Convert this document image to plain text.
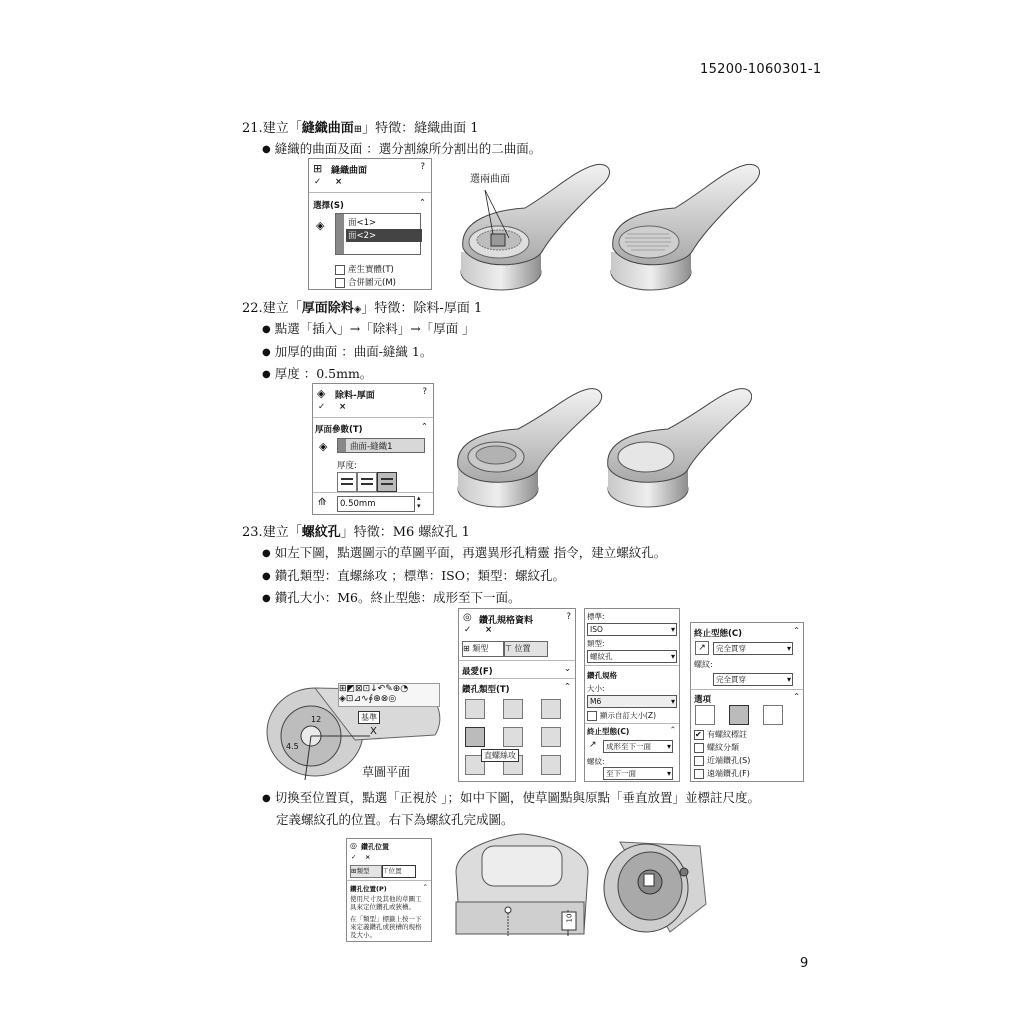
15200-1060301-1
9
21.建立「縫織曲面⊞」特徵：縫織曲面 1
● 縫織的曲面及面 ：選分割線所分割出的二曲面。
⊞ 縫織曲面	?
✓ ×
選擇(S)	⌃
◈	面<1>
面<2>
產生實體(T)
合併圖元(M)
選兩曲面
22.建立「厚面除料◈」特徵：除料-厚面 1
● 點選「插入」→「除料」→「厚面 」
● 加厚的曲面 ：曲面-縫織 1。
● 厚度 ：0.5mm。
◈ 除料-厚面	?
✓ ×
厚面參數(T)	⌃
◈	曲面-縫織1
厚度:
⟰ 0.50mm
▴
▾
23.建立「螺紋孔」特徵：M6 螺紋孔 1
● 如左下圖，點選圖示的草圖平面，再選異形孔精靈 指令，建立螺紋孔。
● 鑽孔類型：直螺絲攻 ；標準：ISO；類型：螺紋孔。
● 鑽孔大小：M6。終止型態：成形至下一面。
⊞◩⊠⊡↓↶✎⊕◔
◈⊡⊿∿∮⊕⊗◎
基準
12
4.5
X
草圖平面
◎ 鑽孔規格資料	?
✓ ×
⊞ 類型	⊤ 位置
最愛(F)	⌄
鑽孔類型(T)	⌃
直螺絲攻
標準:
ISO ▾
類型:
螺紋孔 ▾
鑽孔規格
大小:
M6 ▾
顯示自訂大小(Z)
終止型態(C)	⌃
↗	成形至下一面 ▾
螺紋:
至下一面 ▾
終止型態(C)	⌃
↗	完全貫穿 ▾
螺紋:
完全貫穿 ▾
選項	⌃
✔有螺紋標註
螺紋分類
近端鑽孔(S)
遠端鑽孔(F)
● 切換至位置頁，點選「正視於 」；如中下圖，使草圖點與原點「垂直放置」並標註尺度。
定義螺紋孔的位置。右下為螺紋孔完成圖。
◎ 鑽孔位置
✓ ×
⊞類型	⊤位置
鑽孔位置(P)	⌃
使用尺寸及其他的草圖工具來定位鑽孔或狹槽。
在「類型」標籤上按一下來定義鑽孔或狹槽的規格及大小。
10
